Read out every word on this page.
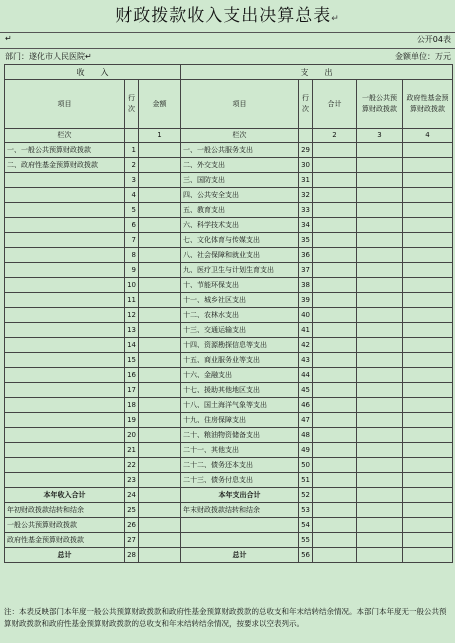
财政拨款收入支出决算总表↵
↵	公开04表
部门：遂化市人民医院↵	金额单位：万元
收　　入			支　　出				
项目	行次	金额	项目	行次	合计	一般公共预算财政拨款	政府性基金预算财政拨款
栏次		1	栏次		2	3	4
一、一般公共预算财政拨款	1		一、一般公共服务支出	29			
二、政府性基金预算财政拨款	2		二、外交支出	30			
	3		三、国防支出	31			
	4		四、公共安全支出	32			
	5		五、教育支出	33			
	6		六、科学技术支出	34			
	7		七、文化体育与传媒支出	35			
	8		八、社会保障和就业支出	36			
	9		九、医疗卫生与计划生育支出	37			
	10		十、节能环保支出	38			
	11		十一、城乡社区支出	39			
	12		十二、农林水支出	40			
	13		十三、交通运输支出	41			
	14		十四、资源勘探信息等支出	42			
	15		十五、商业服务业等支出	43			
	16		十六、金融支出	44			
	17		十七、援助其他地区支出	45			
	18		十八、国土海洋气象等支出	46			
	19		十九、住房保障支出	47			
	20		二十、粮油物资储备支出	48			
	21		二十一、其他支出	49			
	22		二十二、债务还本支出	50			
	23		二十三、债务付息支出	51			
本年收入合计	24		本年支出合计	52			
年初财政拨款结转和结余	25		年末财政拨款结转和结余	53			
一般公共预算财政拨款	26			54			
政府性基金预算财政拨款	27			55			
总计	28		总计	56			
注：本表反映部门本年度一般公共预算财政拨款和政府性基金预算财政拨款的总收支和年末结转结余情况。本部门本年度无一般公共预算财政拨款和政府性基金预算财政拨款的总收支和年末结转结余情况，按要求以空表列示。
